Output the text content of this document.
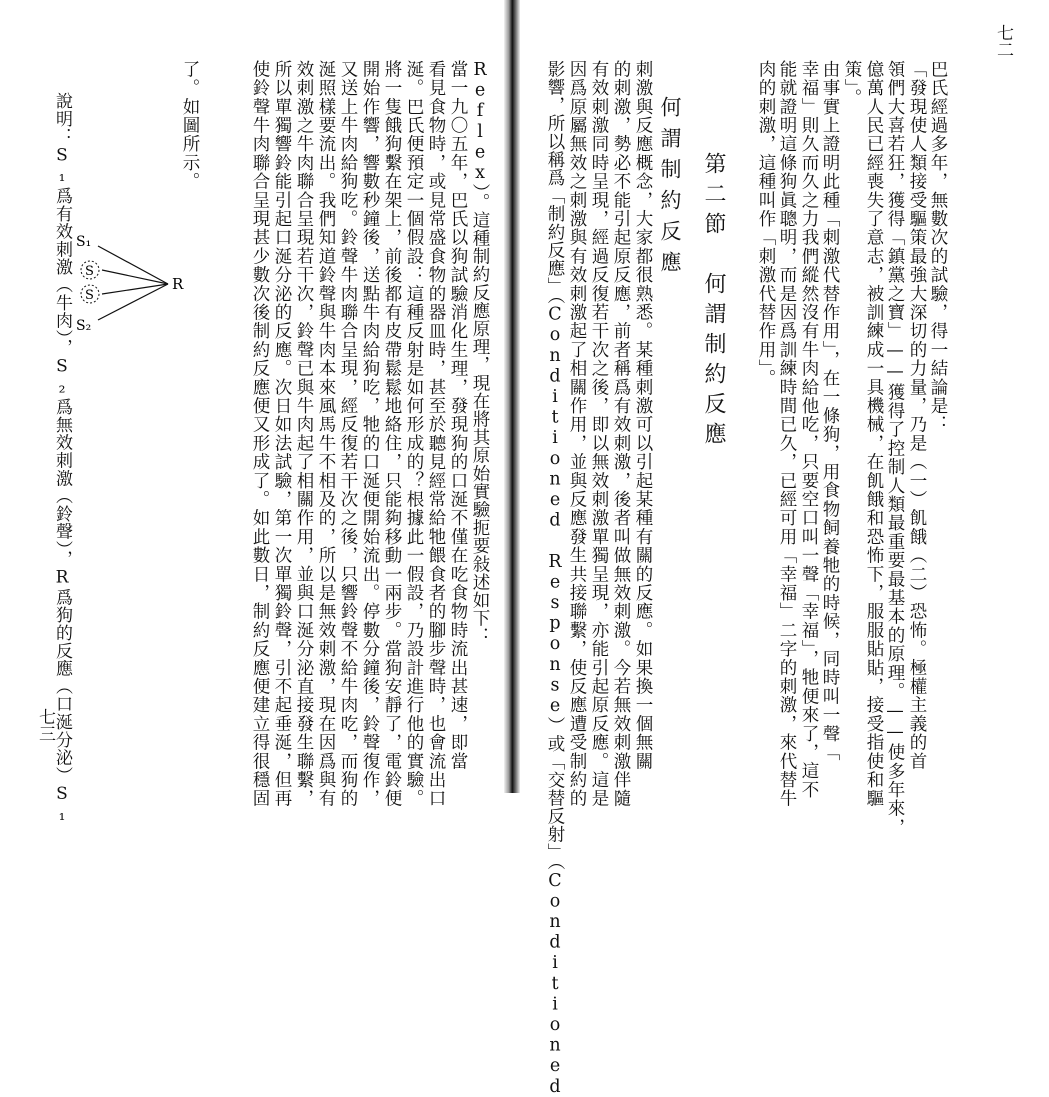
七二
巴氏經過多年，無數次的試驗，得一結論是：
「發現使人類接受驅策最強大深切的力量，乃是（一）飢餓（二）恐怖。極權主義的首
領們大喜若狂，獲得「鎮黨之寶」——獲得了控制人類最重要最基本的原理。——使多年來，
億萬人民已經喪失了意志，被訓練成一具機械，在飢餓和恐怖下，服服貼貼，接受指使和驅
策」。
由事實上證明此種「刺激代替作用」，在一條狗，用食物飼養牠的時候，同時叫一聲「
幸福」則久而久之力我們縱然沒有牛肉給他吃，只要空口叫一聲「幸福」，牠便來了，這不
能就證明這條狗眞聰明，而是因爲訓練時間已久，已經可用「幸福」二字的刺激，來代替牛
肉的刺激，這種叫作「刺激代替作用」。
第二節　何謂制約反應
何謂制約反應
刺激與反應概念，大家都很熟悉。某種刺激可以引起某種有關的反應。如果換一個無關
的刺激，勢必不能引起原反應，前者稱爲有效刺激，後者叫做無效刺激。今若無效刺激伴隨
有效刺激同時呈現，經過反復若干次之後，即以無效刺激單獨呈現，亦能引起原反應。這是
因爲原屬無效之刺激與有效刺激起了相關作用，並與反應發生共接聯繫，使反應遭受制約的
影響，所以稱爲「制約反應」（Conditioned Response）或「交替反射」（Conditioned
七三
Reflex）。這種制約反應原理，現在將其原始實驗扼要敍述如下：
當一九〇五年，巴氏以狗試驗消化生理，發現狗的口涎不僅在吃食物時流出甚速，即當
看見食物時，或見常盛食物的器皿時，甚至於聽見經常給牠餵食者的腳步聲時，也會流出口
涎。巴氏便預定一個假設：這種反射是如何形成的？根據此一假設，乃設計進行他的實驗。
將一隻餓狗繫在架上，前後都有皮帶鬆鬆地絡住，只能夠移動一兩步。當狗安靜了，電鈴便
開始作響，響數秒鐘後，送點牛肉給狗吃，牠的口涎便開始流出。停數分鐘後，鈴聲復作，
又送上牛肉給狗吃。鈴聲牛肉聯合呈現，經反復若干次之後，只響鈴聲不給牛肉吃，而狗的
涎照樣要流出。我們知道鈴聲與牛肉本來風馬牛不相及的，所以是無效刺激，現在因爲與有
效刺激之牛肉聯合呈現若干次，鈴聲已與牛肉起了相關作用，並與口涎分泌直接發生聯繫，
所以單獨響鈴能引起口涎分泌的反應。次日如法試驗，第一次單獨鈴聲，引不起垂涎，但再
使鈴聲牛肉聯合呈現甚少數次後制約反應便又形成了。如此數日，制約反應便建立得很穩固
了。如圖所示。
S₁
S
S
S₂
R
說明：S₁爲有效刺激（牛肉），S₂爲無效刺激（鈴聲），R爲狗的反應（口涎分泌）S₁
